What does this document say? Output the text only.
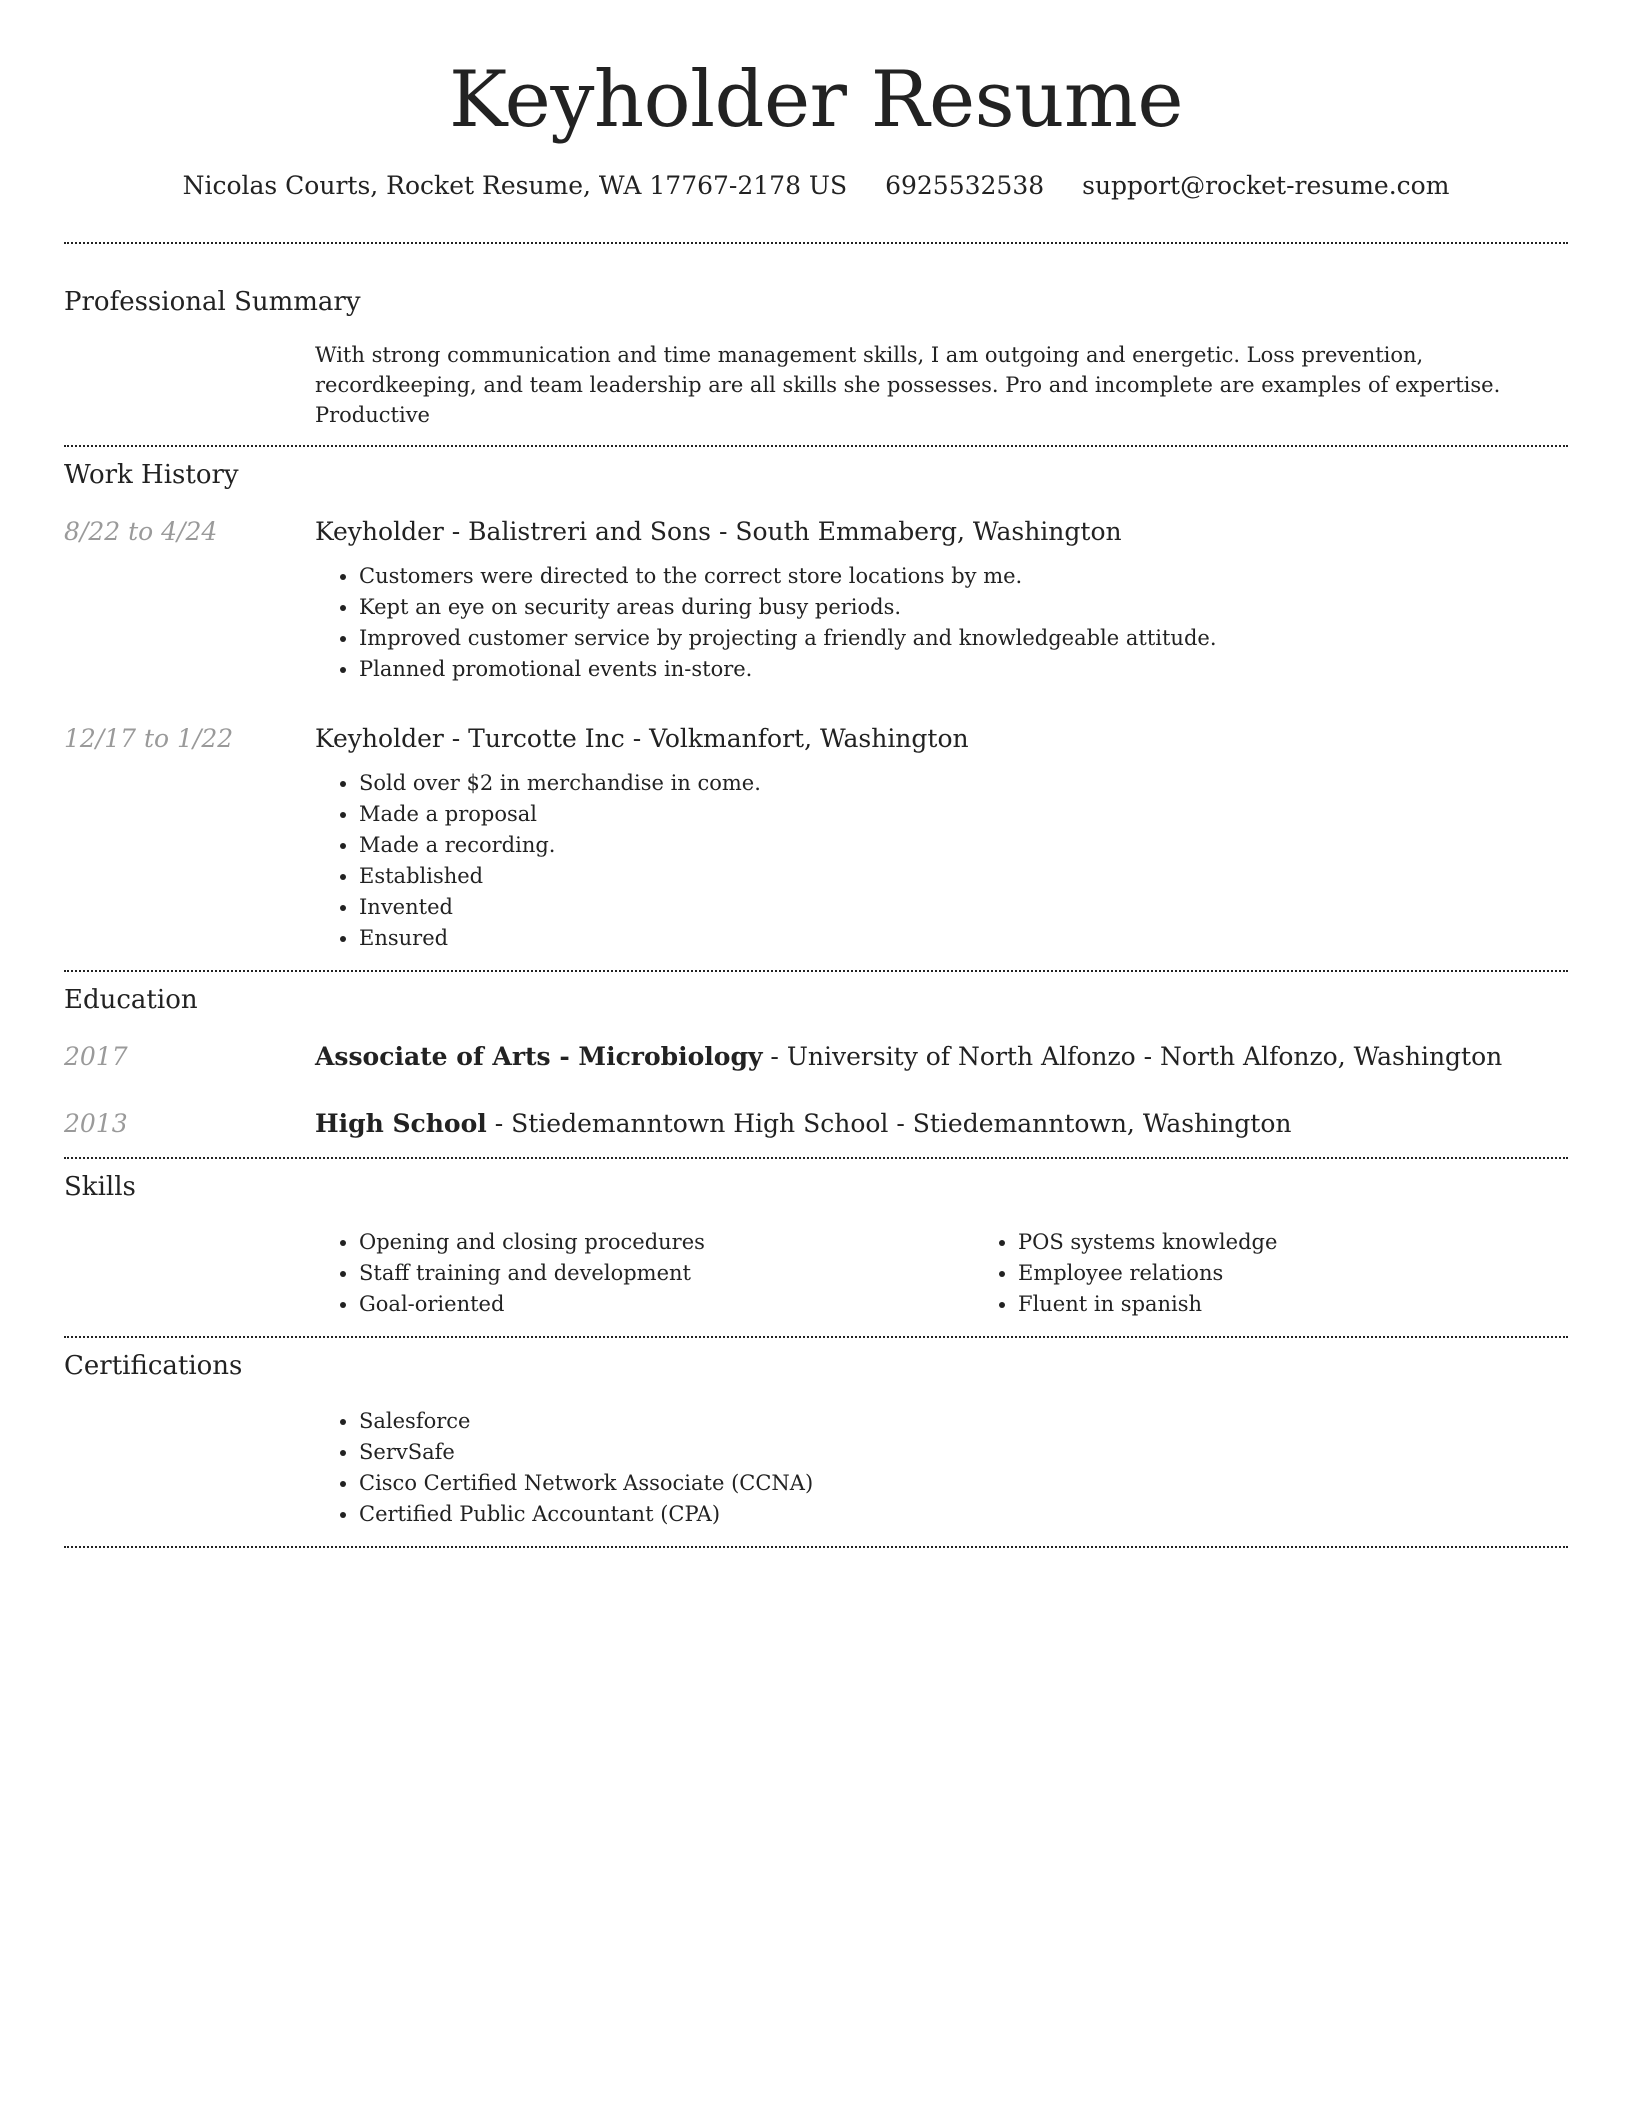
Keyholder Resume
Nicolas Courts, Rocket Resume, WA 17767-2178 US 6925532538 support@rocket-resume.com
Professional Summary
With strong communication and time management skills, I am outgoing and energetic. Loss prevention, recordkeeping, and team leadership are all skills she possesses. Pro and incomplete are examples of expertise. Productive
Work History
8/22 to 4/24	Keyholder - Balistreri and Sons - South Emmaberg, Washington
• Customers were directed to the correct store locations by me.
• Kept an eye on security areas during busy periods.
• Improved customer service by projecting a friendly and knowledgeable attitude.
• Planned promotional events in-store.
12/17 to 1/22	Keyholder - Turcotte Inc - Volkmanfort, Washington
• Sold over $2 in merchandise in come.
• Made a proposal
• Made a recording.
• Established
• Invented
• Ensured
Education
2017	Associate of Arts - Microbiology - University of North Alfonzo - North Alfonzo, Washington
2013	High School - Stiedemanntown High School - Stiedemanntown, Washington
Skills
• Opening and closing procedures
• Staff training and development
• Goal-oriented
• POS systems knowledge
• Employee relations
• Fluent in spanish
Certifications
• Salesforce
• ServSafe
• Cisco Certified Network Associate (CCNA)
• Certified Public Accountant (CPA)
